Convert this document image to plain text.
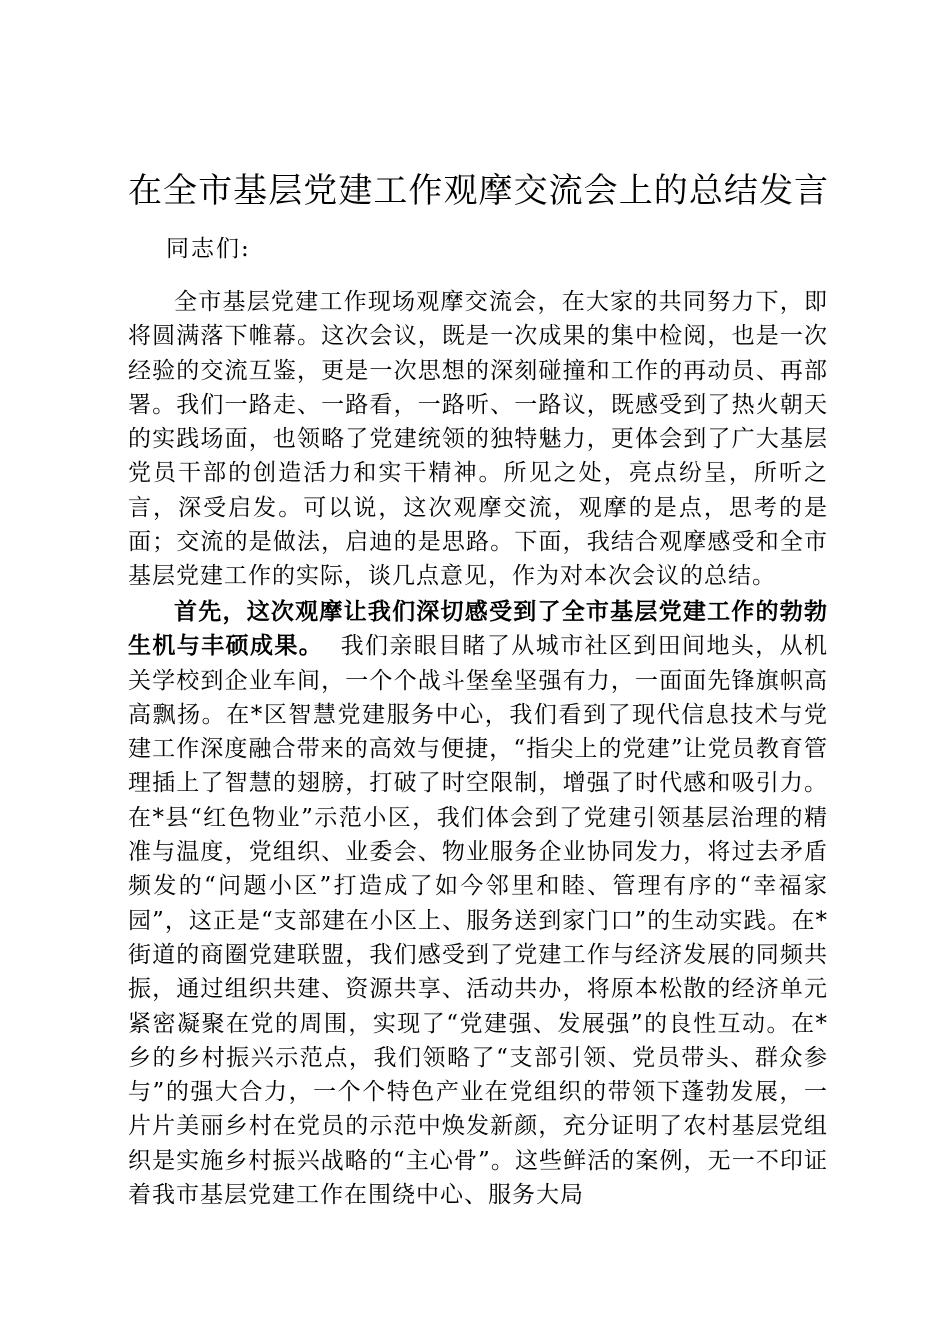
在全市基层党建工作观摩交流会上的总结发言
同志们:

全市基层党建工作现场观摩交流会，在大家的共同努力下，即将圆满落下帷幕。这次会议，既是一次成果的集中检阅，也是一次经验的交流互鉴，更是一次思想的深刻碰撞和工作的再动员、再部署。我们一路走、一路看，一路听、一路议，既感受到了热火朝天的实践场面，也领略了党建统领的独特魅力，更体会到了广大基层党员干部的创造活力和实干精神。所见之处，亮点纷呈，所听之言，深受启发。可以说，这次观摩交流，观摩的是点，思考的是面；交流的是做法，启迪的是思路。下面，我结合观摩感受和全市基层党建工作的实际，谈几点意见，作为对本次会议的总结。

首先，这次观摩让我们深切感受到了全市基层党建工作的勃勃生机与丰硕成果。 我们亲眼目睹了从城市社区到田间地头，从机关学校到企业车间，一个个战斗堡垒坚强有力，一面面先锋旗帜高高飘扬。在*区智慧党建服务中心，我们看到了现代信息技术与党建工作深度融合带来的高效与便捷，“指尖上的党建”让党员教育管理插上了智慧的翅膀，打破了时空限制，增强了时代感和吸引力。在*县“红色物业”示范小区，我们体会到了党建引领基层治理的精准与温度，党组织、业委会、物业服务企业协同发力，将过去矛盾频发的“问题小区”打造成了如今邻里和睦、管理有序的“幸福家园”，这正是“支部建在小区上、服务送到家门口”的生动实践。在*街道的商圈党建联盟，我们感受到了党建工作与经济发展的同频共振，通过组织共建、资源共享、活动共办，将原本松散的经济单元紧密凝聚在党的周围，实现了“党建强、发展强”的良性互动。在*乡的乡村振兴示范点，我们领略了“支部引领、党员带头、群众参与”的强大合力，一个个特色产业在党组织的带领下蓬勃发展，一片片美丽乡村在党员的示范中焕发新颜，充分证明了农村基层党组织是实施乡村振兴战略的“主心骨”。这些鲜活的案例，无一不印证着我市基层党建工作在围绕中心、服务大局
